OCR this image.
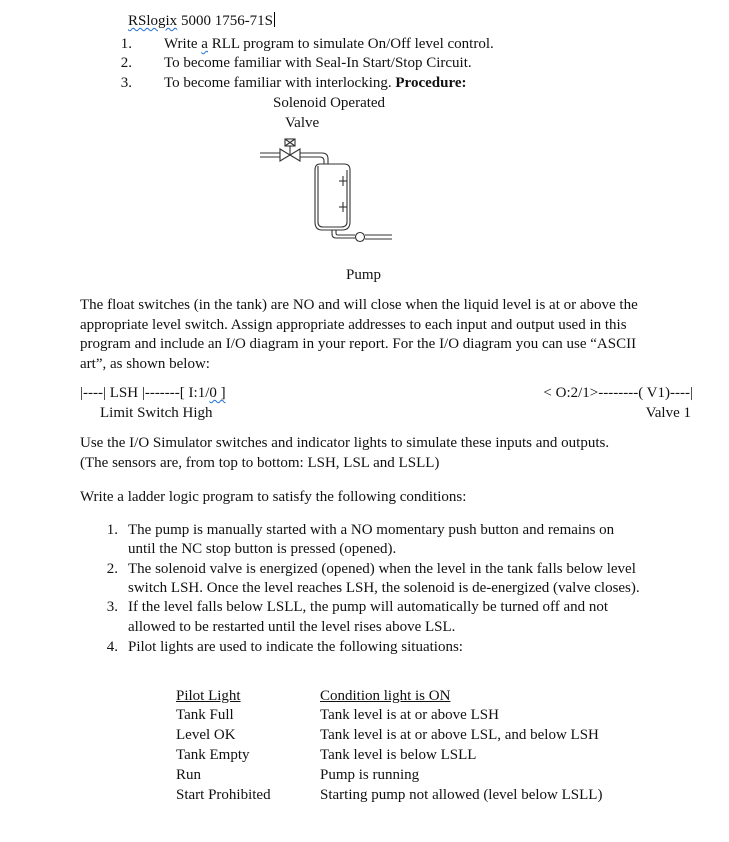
RSlogix 5000 1756-71S
1. Write a RLL program to simulate On/Off level control.
2. To become familiar with Seal-In Start/Stop Circuit.
3. To become familiar with interlocking. Procedure:
Solenoid Operated
Valve
Pump
The float switches (in the tank) are NO and will close when the liquid level is at or above the
appropriate level switch. Assign appropriate addresses to each input and output used in this
program and include an I/O diagram in your report. For the I/O diagram you can use “ASCII
art”, as shown below:
|----| LSH |-------[ I:1/0 ]
Limit Switch High
< O:2/1>--------( V1)----|
Valve 1
Use the I/O Simulator switches and indicator lights to simulate these inputs and outputs.
(The sensors are, from top to bottom: LSH, LSL and LSLL)
Write a ladder logic program to satisfy the following conditions:
1. The pump is manually started with a NO momentary push button and remains on
until the NC stop button is pressed (opened).
2. The solenoid valve is energized (opened) when the level in the tank falls below level
switch LSH. Once the level reaches LSH, the solenoid is de-energized (valve closes).
3. If the level falls below LSLL, the pump will automatically be turned off and not
allowed to be restarted until the level rises above LSL.
4. Pilot lights are used to indicate the following situations:
Pilot Light	Condition light is ON
Tank Full	Tank level is at or above LSH
Level OK	Tank level is at or above LSL, and below LSH
Tank Empty	Tank level is below LSLL
Run	Pump is running
Start Prohibited	Starting pump not allowed (level below LSLL)
